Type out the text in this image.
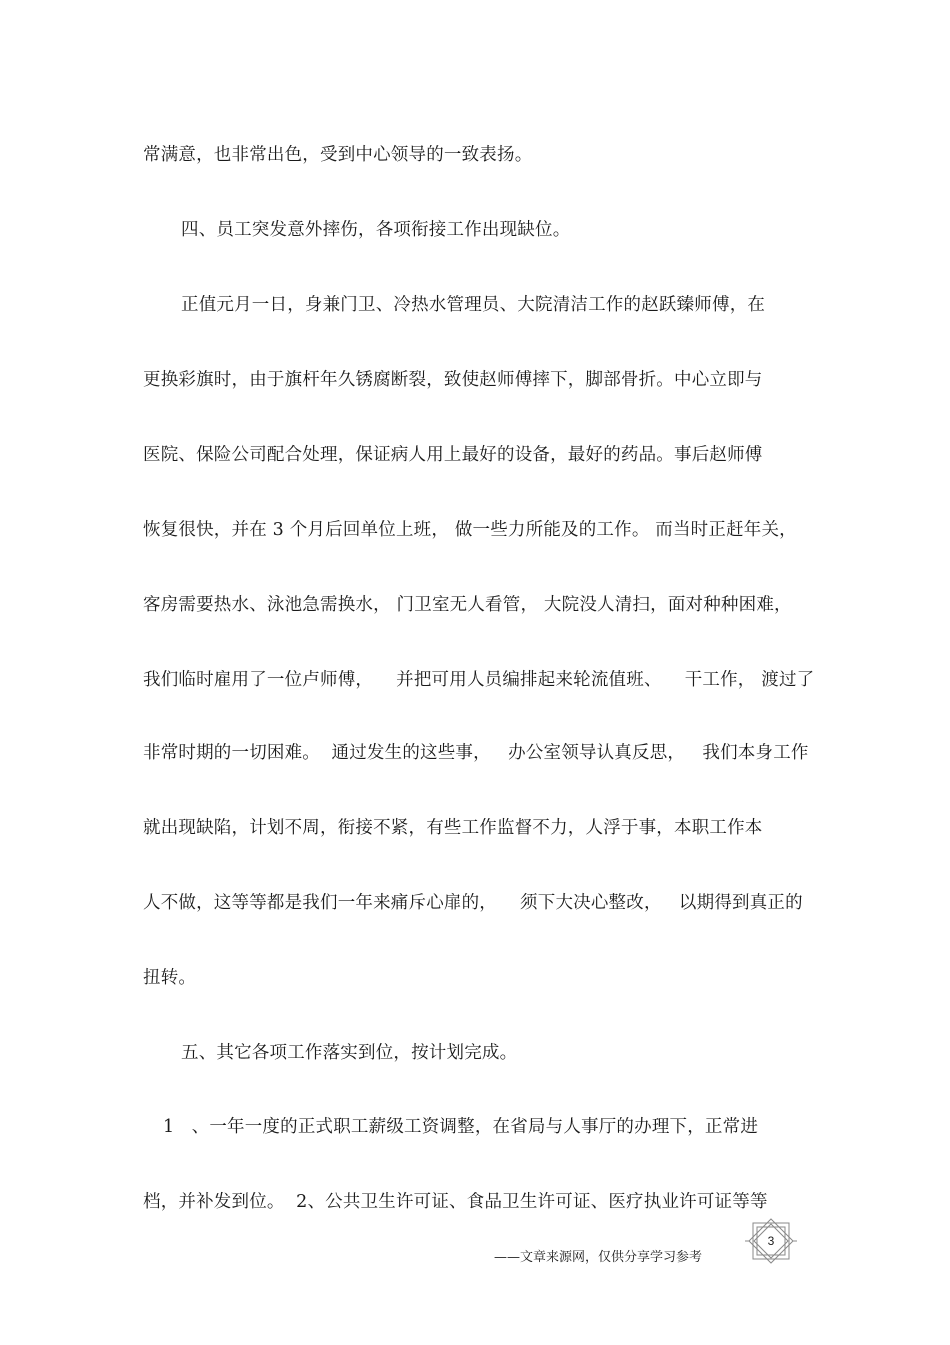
常满意，也非常出色，受到中心领导的一致表扬。
四、员工突发意外摔伤，各项衔接工作出现缺位。
正值元月一日，身兼门卫、冷热水管理员、大院清洁工作的赵跃臻师傅，在
更换彩旗时，由于旗杆年久锈腐断裂，致使赵师傅摔下，脚部骨折。中心立即与
医院、保险公司配合处理，保证病人用上最好的设备，最好的药品。事后赵师傅
恢复很快，并在 3 个月后回单位上班， 做一些力所能及的工作。 而当时正赶年关，
客房需要热水、泳池急需换水， 门卫室无人看管， 大院没人清扫，面对种种困难，
我们临时雇用了一位卢师傅，    并把可用人员编排起来轮流值班、    干工作， 渡过了
非常时期的一切困难。  通过发生的这些事，   办公室领导认真反思，   我们本身工作
就出现缺陷，计划不周，衔接不紧，有些工作监督不力，人浮于事，本职工作本
人不做，这等等都是我们一年来痛斥心扉的，    须下大决心整改，   以期得到真正的
扭转。
五、其它各项工作落实到位，按计划完成。
1   、一年一度的正式职工薪级工资调整，在省局与人事厅的办理下，正常进
档，并补发到位。  2、公共卫生许可证、食品卫生许可证、医疗执业许可证等等
——文章来源网，仅供分享学习参考
3
